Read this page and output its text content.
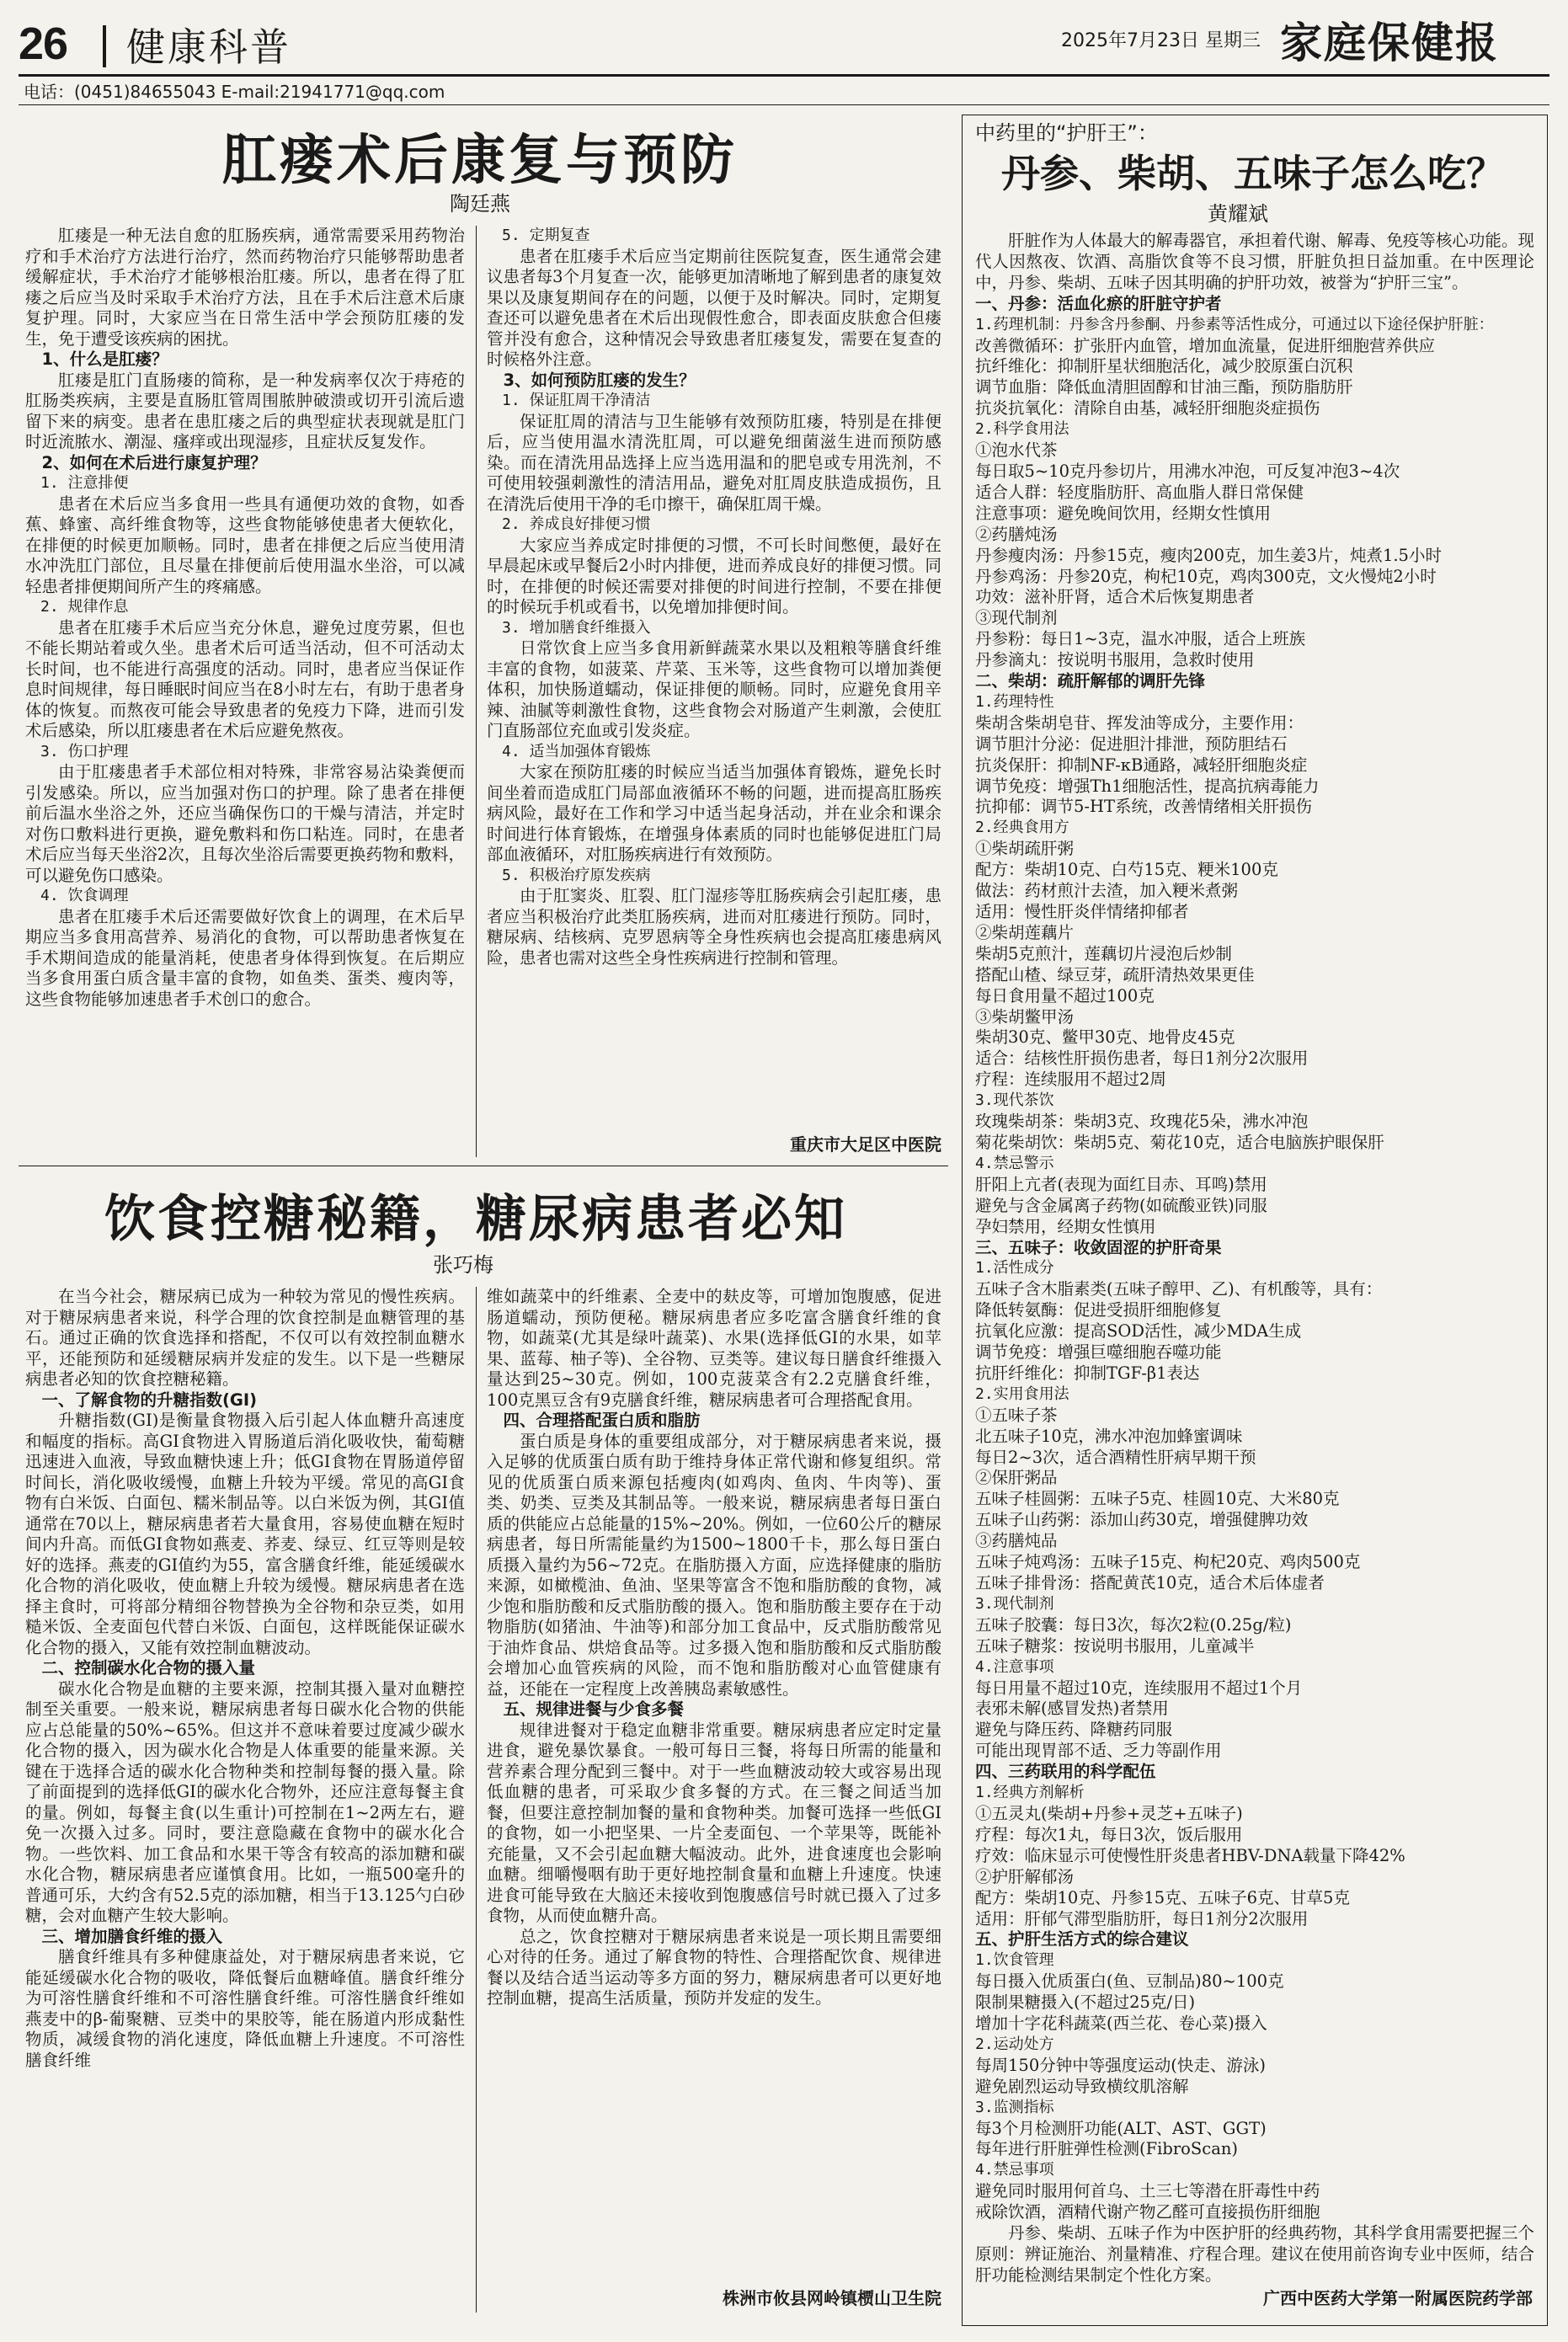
26 健康科普	2025年7月23日 星期三 家庭保健报
电话：(0451)84655043 E-mail:21941771@qq.com
肛瘘术后康复与预防
陶廷燕

肛瘘是一种无法自愈的肛肠疾病，通常需要采用药物治疗和手术治疗方法进行治疗，然而药物治疗只能够帮助患者缓解症状，手术治疗才能够根治肛瘘。所以，患者在得了肛瘘之后应当及时采取手术治疗方法，且在手术后注意术后康复护理。同时，大家应当在日常生活中学会预防肛瘘的发生，免于遭受该疾病的困扰。

1、什么是肛瘘？

肛瘘是肛门直肠瘘的简称，是一种发病率仅次于痔疮的肛肠类疾病，主要是直肠肛管周围脓肿破溃或切开引流后遗留下来的病变。患者在患肛瘘之后的典型症状表现就是肛门时近流脓水、潮湿、瘙痒或出现湿疹，且症状反复发作。

2、如何在术后进行康复护理？

1. 注意排便

患者在术后应当多食用一些具有通便功效的食物，如香蕉、蜂蜜、高纤维食物等，这些食物能够使患者大便软化，在排便的时候更加顺畅。同时，患者在排便之后应当使用清水冲洗肛门部位，且尽量在排便前后使用温水坐浴，可以减轻患者排便期间所产生的疼痛感。

2. 规律作息

患者在肛瘘手术后应当充分休息，避免过度劳累，但也不能长期站着或久坐。患者术后可适当活动，但不可活动太长时间，也不能进行高强度的活动。同时，患者应当保证作息时间规律，每日睡眠时间应当在8小时左右，有助于患者身体的恢复。而熬夜可能会导致患者的免疫力下降，进而引发术后感染，所以肛瘘患者在术后应避免熬夜。

3. 伤口护理

由于肛瘘患者手术部位相对特殊，非常容易沾染粪便而引发感染。所以，应当加强对伤口的护理。除了患者在排便前后温水坐浴之外，还应当确保伤口的干燥与清洁，并定时对伤口敷料进行更换，避免敷料和伤口粘连。同时，在患者术后应当每天坐浴2次，且每次坐浴后需要更换药物和敷料，可以避免伤口感染。

4. 饮食调理

患者在肛瘘手术后还需要做好饮食上的调理，在术后早期应当多食用高营养、易消化的食物，可以帮助患者恢复在手术期间造成的能量消耗，使患者身体得到恢复。在后期应当多食用蛋白质含量丰富的食物，如鱼类、蛋类、瘦肉等，这些食物能够加速患者手术创口的愈合。

5. 定期复查

患者在肛瘘手术后应当定期前往医院复查，医生通常会建议患者每3个月复查一次，能够更加清晰地了解到患者的康复效果以及康复期间存在的问题，以便于及时解决。同时，定期复查还可以避免患者在术后出现假性愈合，即表面皮肤愈合但瘘管并没有愈合，这种情况会导致患者肛瘘复发，需要在复查的时候格外注意。

3、如何预防肛瘘的发生？

1. 保证肛周干净清洁

保证肛周的清洁与卫生能够有效预防肛瘘，特别是在排便后，应当使用温水清洗肛周，可以避免细菌滋生进而预防感染。而在清洗用品选择上应当选用温和的肥皂或专用洗剂，不可使用较强刺激性的清洁用品，避免对肛周皮肤造成损伤，且在清洗后使用干净的毛巾擦干，确保肛周干燥。

2. 养成良好排便习惯

大家应当养成定时排便的习惯，不可长时间憋便，最好在早晨起床或早餐后2小时内排便，进而养成良好的排便习惯。同时，在排便的时候还需要对排便的时间进行控制，不要在排便的时候玩手机或看书，以免增加排便时间。

3. 增加膳食纤维摄入

日常饮食上应当多食用新鲜蔬菜水果以及粗粮等膳食纤维丰富的食物，如菠菜、芹菜、玉米等，这些食物可以增加粪便体积，加快肠道蠕动，保证排便的顺畅。同时，应避免食用辛辣、油腻等刺激性食物，这些食物会对肠道产生刺激，会使肛门直肠部位充血或引发炎症。

4. 适当加强体育锻炼

大家在预防肛瘘的时候应当适当加强体育锻炼，避免长时间坐着而造成肛门局部血液循环不畅的问题，进而提高肛肠疾病风险，最好在工作和学习中适当起身活动，并在业余和课余时间进行体育锻炼，在增强身体素质的同时也能够促进肛门局部血液循环，对肛肠疾病进行有效预防。

5. 积极治疗原发疾病

由于肛窦炎、肛裂、肛门湿疹等肛肠疾病会引起肛瘘，患者应当积极治疗此类肛肠疾病，进而对肛瘘进行预防。同时，糖尿病、结核病、克罗恩病等全身性疾病也会提高肛瘘患病风险，患者也需对这些全身性疾病进行控制和管理。

重庆市大足区中医院
饮食控糖秘籍，糖尿病患者必知
张巧梅

在当今社会，糖尿病已成为一种较为常见的慢性疾病。对于糖尿病患者来说，科学合理的饮食控制是血糖管理的基石。通过正确的饮食选择和搭配，不仅可以有效控制血糖水平，还能预防和延缓糖尿病并发症的发生。以下是一些糖尿病患者必知的饮食控糖秘籍。

一、了解食物的升糖指数(GI)

升糖指数(GI)是衡量食物摄入后引起人体血糖升高速度和幅度的指标。高GI食物进入胃肠道后消化吸收快，葡萄糖迅速进入血液，导致血糖快速上升；低GI食物在胃肠道停留时间长，消化吸收缓慢，血糖上升较为平缓。常见的高GI食物有白米饭、白面包、糯米制品等。以白米饭为例，其GI值通常在70以上，糖尿病患者若大量食用，容易使血糖在短时间内升高。而低GI食物如燕麦、荞麦、绿豆、红豆等则是较好的选择。燕麦的GI值约为55，富含膳食纤维，能延缓碳水化合物的消化吸收，使血糖上升较为缓慢。糖尿病患者在选择主食时，可将部分精细谷物替换为全谷物和杂豆类，如用糙米饭、全麦面包代替白米饭、白面包，这样既能保证碳水化合物的摄入，又能有效控制血糖波动。

二、控制碳水化合物的摄入量

碳水化合物是血糖的主要来源，控制其摄入量对血糖控制至关重要。一般来说，糖尿病患者每日碳水化合物的供能应占总能量的50%~65%。但这并不意味着要过度减少碳水化合物的摄入，因为碳水化合物是人体重要的能量来源。关键在于选择合适的碳水化合物种类和控制每餐的摄入量。除了前面提到的选择低GI的碳水化合物外，还应注意每餐主食的量。例如，每餐主食(以生重计)可控制在1~2两左右，避免一次摄入过多。同时，要注意隐藏在食物中的碳水化合物。一些饮料、加工食品和水果干等含有较高的添加糖和碳水化合物，糖尿病患者应谨慎食用。比如，一瓶500毫升的普通可乐，大约含有52.5克的添加糖，相当于13.125勺白砂糖，会对血糖产生较大影响。

三、增加膳食纤维的摄入

膳食纤维具有多种健康益处，对于糖尿病患者来说，它能延缓碳水化合物的吸收，降低餐后血糖峰值。膳食纤维分为可溶性膳食纤维和不可溶性膳食纤维。可溶性膳食纤维如燕麦中的β-葡聚糖、豆类中的果胶等，能在肠道内形成黏性物质，减缓食物的消化速度，降低血糖上升速度。不可溶性膳食纤维

维如蔬菜中的纤维素、全麦中的麸皮等，可增加饱腹感，促进肠道蠕动，预防便秘。糖尿病患者应多吃富含膳食纤维的食物，如蔬菜(尤其是绿叶蔬菜)、水果(选择低GI的水果，如苹果、蓝莓、柚子等)、全谷物、豆类等。建议每日膳食纤维摄入量达到25~30克。例如，100克菠菜含有2.2克膳食纤维，100克黑豆含有9克膳食纤维，糖尿病患者可合理搭配食用。

四、合理搭配蛋白质和脂肪

蛋白质是身体的重要组成部分，对于糖尿病患者来说，摄入足够的优质蛋白质有助于维持身体正常代谢和修复组织。常见的优质蛋白质来源包括瘦肉(如鸡肉、鱼肉、牛肉等)、蛋类、奶类、豆类及其制品等。一般来说，糖尿病患者每日蛋白质的供能应占总能量的15%~20%。例如，一位60公斤的糖尿病患者，每日所需能量约为1500~1800千卡，那么每日蛋白质摄入量约为56~72克。在脂肪摄入方面，应选择健康的脂肪来源，如橄榄油、鱼油、坚果等富含不饱和脂肪酸的食物，减少饱和脂肪酸和反式脂肪酸的摄入。饱和脂肪酸主要存在于动物脂肪(如猪油、牛油等)和部分加工食品中，反式脂肪酸常见于油炸食品、烘焙食品等。过多摄入饱和脂肪酸和反式脂肪酸会增加心血管疾病的风险，而不饱和脂肪酸对心血管健康有益，还能在一定程度上改善胰岛素敏感性。

五、规律进餐与少食多餐

规律进餐对于稳定血糖非常重要。糖尿病患者应定时定量进食，避免暴饮暴食。一般可每日三餐，将每日所需的能量和营养素合理分配到三餐中。对于一些血糖波动较大或容易出现低血糖的患者，可采取少食多餐的方式。在三餐之间适当加餐，但要注意控制加餐的量和食物种类。加餐可选择一些低GI的食物，如一小把坚果、一片全麦面包、一个苹果等，既能补充能量，又不会引起血糖大幅波动。此外，进食速度也会影响血糖。细嚼慢咽有助于更好地控制食量和血糖上升速度。快速进食可能导致在大脑还未接收到饱腹感信号时就已摄入了过多食物，从而使血糖升高。

总之，饮食控糖对于糖尿病患者来说是一项长期且需要细心对待的任务。通过了解食物的特性、合理搭配饮食、规律进餐以及结合适当运动等多方面的努力，糖尿病患者可以更好地控制血糖，提高生活质量，预防并发症的发生。

株洲市攸县网岭镇槚山卫生院
中药里的“护肝王”：
丹参、柴胡、五味子怎么吃？
黄耀斌

肝脏作为人体最大的解毒器官，承担着代谢、解毒、免疫等核心功能。现代人因熬夜、饮酒、高脂饮食等不良习惯，肝脏负担日益加重。在中医理论中，丹参、柴胡、五味子因其明确的护肝功效，被誉为“护肝三宝”。

一、丹参：活血化瘀的肝脏守护者

1.药理机制：丹参含丹参酮、丹参素等活性成分，可通过以下途径保护肝脏：

改善微循环：扩张肝内血管，增加血流量，促进肝细胞营养供应

抗纤维化：抑制肝星状细胞活化，减少胶原蛋白沉积

调节血脂：降低血清胆固醇和甘油三酯，预防脂肪肝

抗炎抗氧化：清除自由基，减轻肝细胞炎症损伤

2.科学食用法

①泡水代茶

每日取5~10克丹参切片，用沸水冲泡，可反复冲泡3~4次

适合人群：轻度脂肪肝、高血脂人群日常保健

注意事项：避免晚间饮用，经期女性慎用

②药膳炖汤

丹参瘦肉汤：丹参15克，瘦肉200克，加生姜3片，炖煮1.5小时

丹参鸡汤：丹参20克，枸杞10克，鸡肉300克，文火慢炖2小时

功效：滋补肝肾，适合术后恢复期患者

③现代制剂

丹参粉：每日1~3克，温水冲服，适合上班族

丹参滴丸：按说明书服用，急救时使用

二、柴胡：疏肝解郁的调肝先锋

1.药理特性

柴胡含柴胡皂苷、挥发油等成分，主要作用：

调节胆汁分泌：促进胆汁排泄，预防胆结石

抗炎保肝：抑制NF-κB通路，减轻肝细胞炎症

调节免疫：增强Th1细胞活性，提高抗病毒能力

抗抑郁：调节5-HT系统，改善情绪相关肝损伤

2.经典食用方

①柴胡疏肝粥

配方：柴胡10克、白芍15克、粳米100克

做法：药材煎汁去渣，加入粳米煮粥

适用：慢性肝炎伴情绪抑郁者

②柴胡莲藕片

柴胡5克煎汁，莲藕切片浸泡后炒制

搭配山楂、绿豆芽，疏肝清热效果更佳

每日食用量不超过100克

③柴胡鳖甲汤

柴胡30克、鳖甲30克、地骨皮45克

适合：结核性肝损伤患者，每日1剂分2次服用

疗程：连续服用不超过2周

3.现代茶饮

玫瑰柴胡茶：柴胡3克、玫瑰花5朵，沸水冲泡

菊花柴胡饮：柴胡5克、菊花10克，适合电脑族护眼保肝

4.禁忌警示

肝阳上亢者(表现为面红目赤、耳鸣)禁用

避免与含金属离子药物(如硫酸亚铁)同服

孕妇禁用，经期女性慎用

三、五味子：收敛固涩的护肝奇果

1.活性成分

五味子含木脂素类(五味子醇甲、乙)、有机酸等，具有：

降低转氨酶：促进受损肝细胞修复

抗氧化应激：提高SOD活性，减少MDA生成

调节免疫：增强巨噬细胞吞噬功能

抗肝纤维化：抑制TGF-β1表达

2.实用食用法

①五味子茶

北五味子10克，沸水冲泡加蜂蜜调味

每日2~3次，适合酒精性肝病早期干预

②保肝粥品

五味子桂圆粥：五味子5克、桂圆10克、大米80克

五味子山药粥：添加山药30克，增强健脾功效

③药膳炖品

五味子炖鸡汤：五味子15克、枸杞20克、鸡肉500克

五味子排骨汤：搭配黄芪10克，适合术后体虚者

3.现代制剂

五味子胶囊：每日3次，每次2粒(0.25g/粒)

五味子糖浆：按说明书服用，儿童减半

4.注意事项

每日用量不超过10克，连续服用不超过1个月

表邪未解(感冒发热)者禁用

避免与降压药、降糖药同服

可能出现胃部不适、乏力等副作用

四、三药联用的科学配伍

1.经典方剂解析

①五灵丸(柴胡+丹参+灵芝+五味子)

疗程：每次1丸，每日3次，饭后服用

疗效：临床显示可使慢性肝炎患者HBV-DNA载量下降42%

②护肝解郁汤

配方：柴胡10克、丹参15克、五味子6克、甘草5克

适用：肝郁气滞型脂肪肝，每日1剂分2次服用

五、护肝生活方式的综合建议

1.饮食管理

每日摄入优质蛋白(鱼、豆制品)80~100克

限制果糖摄入(不超过25克/日)

增加十字花科蔬菜(西兰花、卷心菜)摄入

2.运动处方

每周150分钟中等强度运动(快走、游泳)

避免剧烈运动导致横纹肌溶解

3.监测指标

每3个月检测肝功能(ALT、AST、GGT)

每年进行肝脏弹性检测(FibroScan)

4.禁忌事项

避免同时服用何首乌、土三七等潜在肝毒性中药

戒除饮酒，酒精代谢产物乙醛可直接损伤肝细胞

丹参、柴胡、五味子作为中医护肝的经典药物，其科学食用需要把握三个原则：辨证施治、剂量精准、疗程合理。建议在使用前咨询专业中医师，结合肝功能检测结果制定个性化方案。

广西中医药大学第一附属医院药学部
